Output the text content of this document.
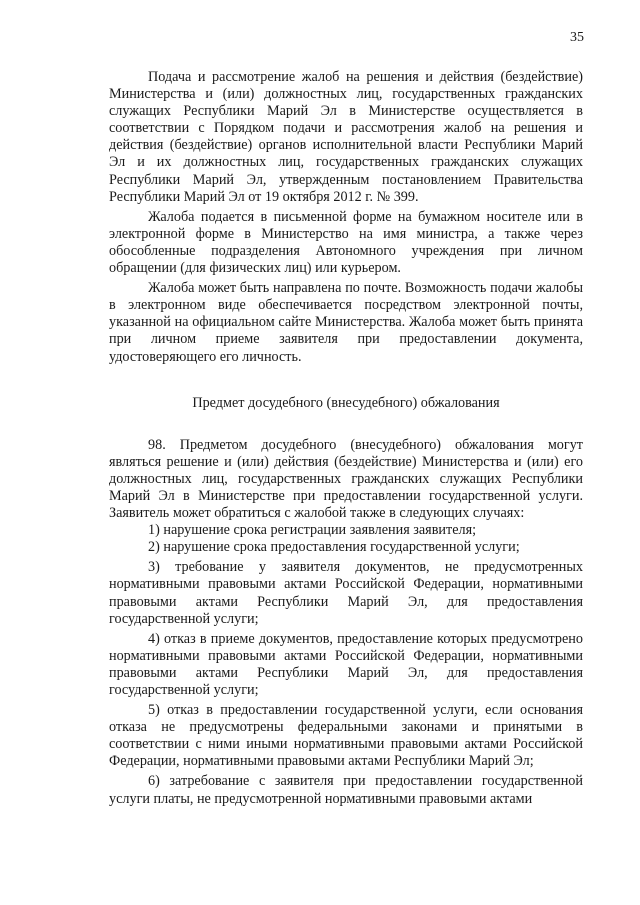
35

Подача и рассмотрение жалоб на решения и действия (бездействие) Министерства и (или) должностных лиц, государственных гражданских служащих Республики Марий Эл в Министерстве осуществляется в соответствии с Порядком подачи и рассмотрения жалоб на решения и действия (бездействие) органов исполнительной власти Республики Марий Эл и их должностных лиц, государственных гражданских служащих Республики Марий Эл, утвержденным постановлением Правительства Республики Марий Эл от 19 октября 2012 г. № 399.

Жалоба подается в письменной форме на бумажном носителе или в электронной форме в Министерство на имя министра, а также через обособленные подразделения Автономного учреждения при личном обращении (для физических лиц) или курьером.

Жалоба может быть направлена по почте. Возможность подачи жалобы в электронном виде обеспечивается посредством электронной почты, указанной на официальном сайте Министерства. Жалоба может быть принята при личном приеме заявителя при предоставлении документа, удостоверяющего его личность.

Предмет досудебного (внесудебного) обжалования

98. Предметом досудебного (внесудебного) обжалования могут являться решение и (или) действия (бездействие) Министерства и (или) его должностных лиц, государственных гражданских служащих Республики Марий Эл в Министерстве при предоставлении государственной услуги. Заявитель может обратиться с жалобой также в следующих случаях:

1) нарушение срока регистрации заявления заявителя;

2) нарушение срока предоставления государственной услуги;

3) требование у заявителя документов, не предусмотренных нормативными правовыми актами Российской Федерации, нормативными правовыми актами Республики Марий Эл, для предоставления государственной услуги;

4) отказ в приеме документов, предоставление которых предусмотрено нормативными правовыми актами Российской Федерации, нормативными правовыми актами Республики Марий Эл, для предоставления государственной услуги;

5) отказ в предоставлении государственной услуги, если основания отказа не предусмотрены федеральными законами и принятыми в соответствии с ними иными нормативными правовыми актами Российской Федерации, нормативными правовыми актами Республики Марий Эл;

6) затребование с заявителя при предоставлении государственной услуги платы, не предусмотренной нормативными правовыми актами
